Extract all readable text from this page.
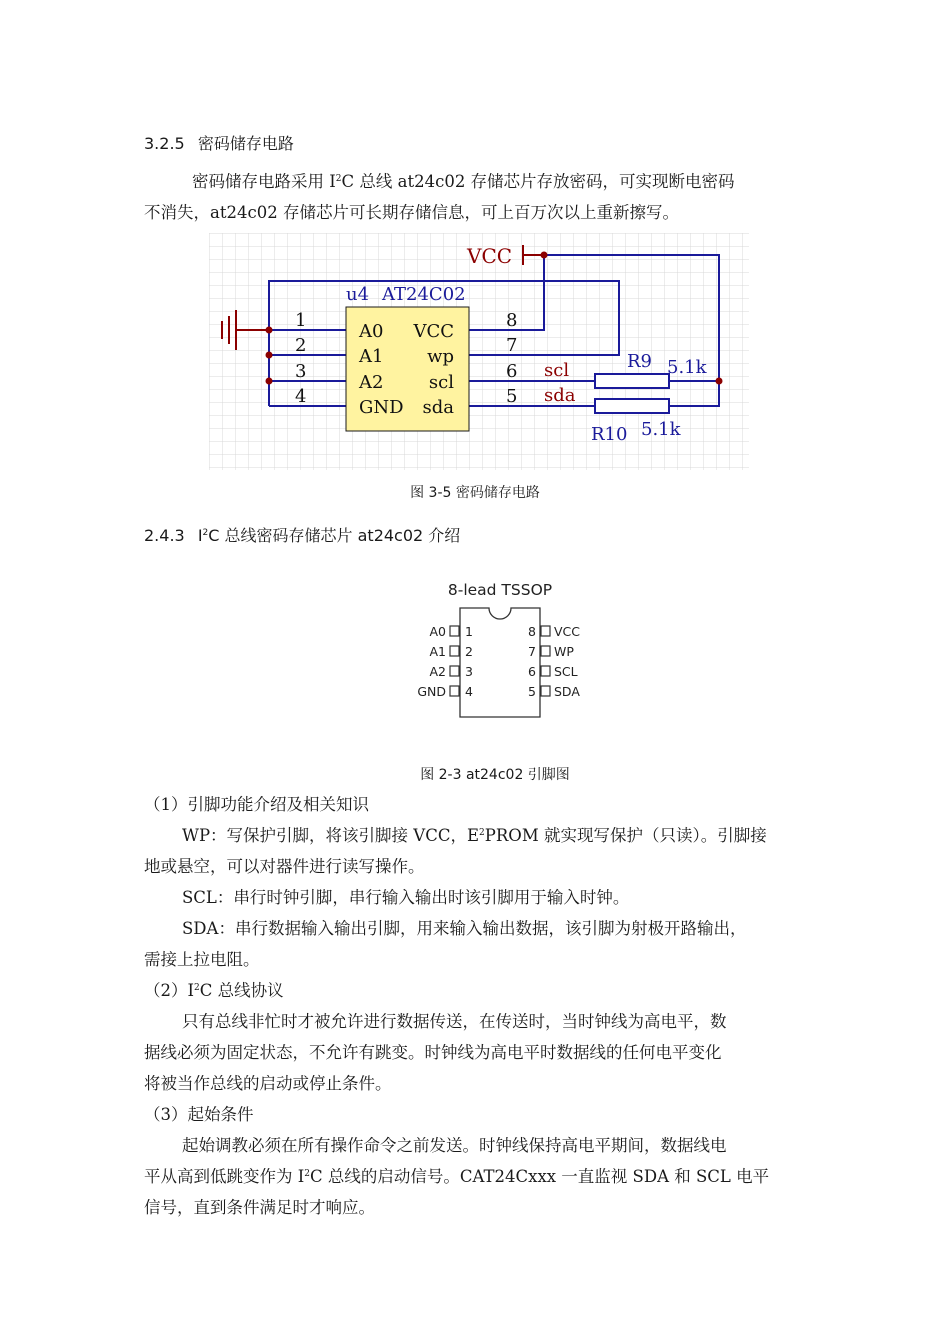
3.2.5 密码储存电路
密码储存电路采用 $I^2C$ 总线 at24c02 存储芯片存放密码，可实现断电密码
不消失，at24c02 存储芯片可长期存储信息，可上百万次以上重新擦写。
VCC
u4 AT24C02
1
2
3
4
A0
A1
A2
GND
VCC
wp
scl
sda
8
7
6
5
scl
sda
R9 5.1k
R10 5.1k
图 3-5 密码储存电路
2.4.3 $I^2C$ 总线密码存储芯片 at24c02 介绍
8-lead TSSOP
A0
A1
A2
GND
1
2
3
4
8
7
6
5
VCC
WP
SCL
SDA
图 2-3 at24c02 引脚图
（1）引脚功能介绍及相关知识
WP：写保护引脚，将该引脚接 VCC，$E^2PROM$ 就实现写保护（只读）。引脚接
地或悬空，可以对器件进行读写操作。
SCL：串行时钟引脚，串行输入输出时该引脚用于输入时钟。
SDA：串行数据输入输出引脚，用来输入输出数据，该引脚为射极开路输出，
需接上拉电阻。
$(2)I^2C$ 总线协议
只有总线非忙时才被允许进行数据传送，在传送时，当时钟线为高电平，数
据线必须为固定状态，不允许有跳变。时钟线为高电平时数据线的任何电平变化
将被当作总线的启动或停止条件。
（3）起始条件
起始调教必须在所有操作命令之前发送。时钟线保持高电平期间，数据线电
平从高到低跳变作为 $I^2C$ 总线的启动信号。CAT24Cxxx 一直监视 SDA 和 SCL 电平
信号，直到条件满足时才响应。
